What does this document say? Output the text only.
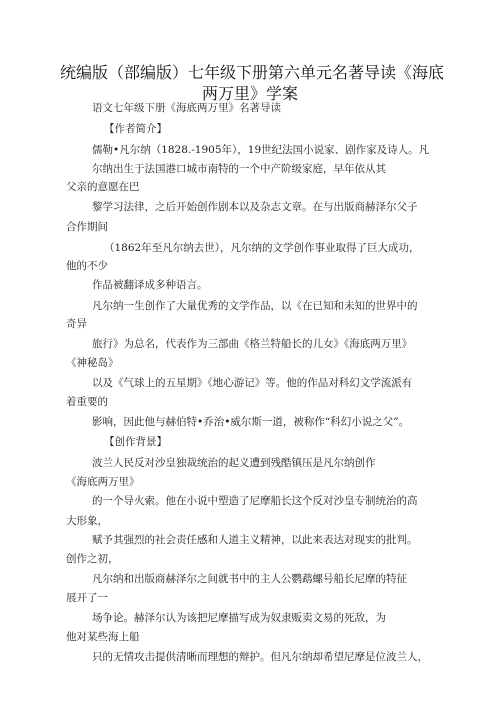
统编版（部编版）七年级下册第六单元名著导读《海底
两万里》学案
语文七年级下册《海底两万里》名著导读
【作者简介】
儒勒•凡尔纳（1828.-1905年），19世纪法国小说家、剧作家及诗人。凡
尔纳出生于法国港口城市南特的一个中产阶级家庭，早年依从其
父亲的意愿在巴
黎学习法律，之后开始创作剧本以及杂志文章。在与出版商赫泽尔父子
合作期间
（1862年至凡尔纳去世），凡尔纳的文学创作事业取得了巨大成功，
他的不少
作品被翻译成多种语言。
凡尔纳一生创作了大量优秀的文学作品，以《在已知和未知的世界中的
奇异
旅行》为总名，代表作为三部曲《格兰特船长的儿女》《海底两万里》
《神秘岛》
以及《气球上的五星期》《地心游记》等。他的作品对科幻文学流派有
着重要的
影响，因此他与赫伯特•乔治•威尔斯一道，被称作“科幻小说之父”。
【创作背景】
波兰人民反对沙皇独裁统治的起义遭到残酷镇压是凡尔纳创作
《海底两万里》
的一个导火索。他在小说中塑造了尼摩船长这个反对沙皇专制统治的高
大形象，
赋予其强烈的社会责任感和人道主义精神，以此来表达对现实的批判。
创作之初，
凡尔纳和出版商赫泽尔之间就书中的主人公鹦鹉螺号船长尼摩的特征
展开了一
场争论。赫泽尔认为该把尼摩描写成为奴隶贩卖文易的死敌，为
他对某些海上船
只的无情攻击提供清晰而理想的辩护。但凡尔纳却希望尼摩是位波兰人，
